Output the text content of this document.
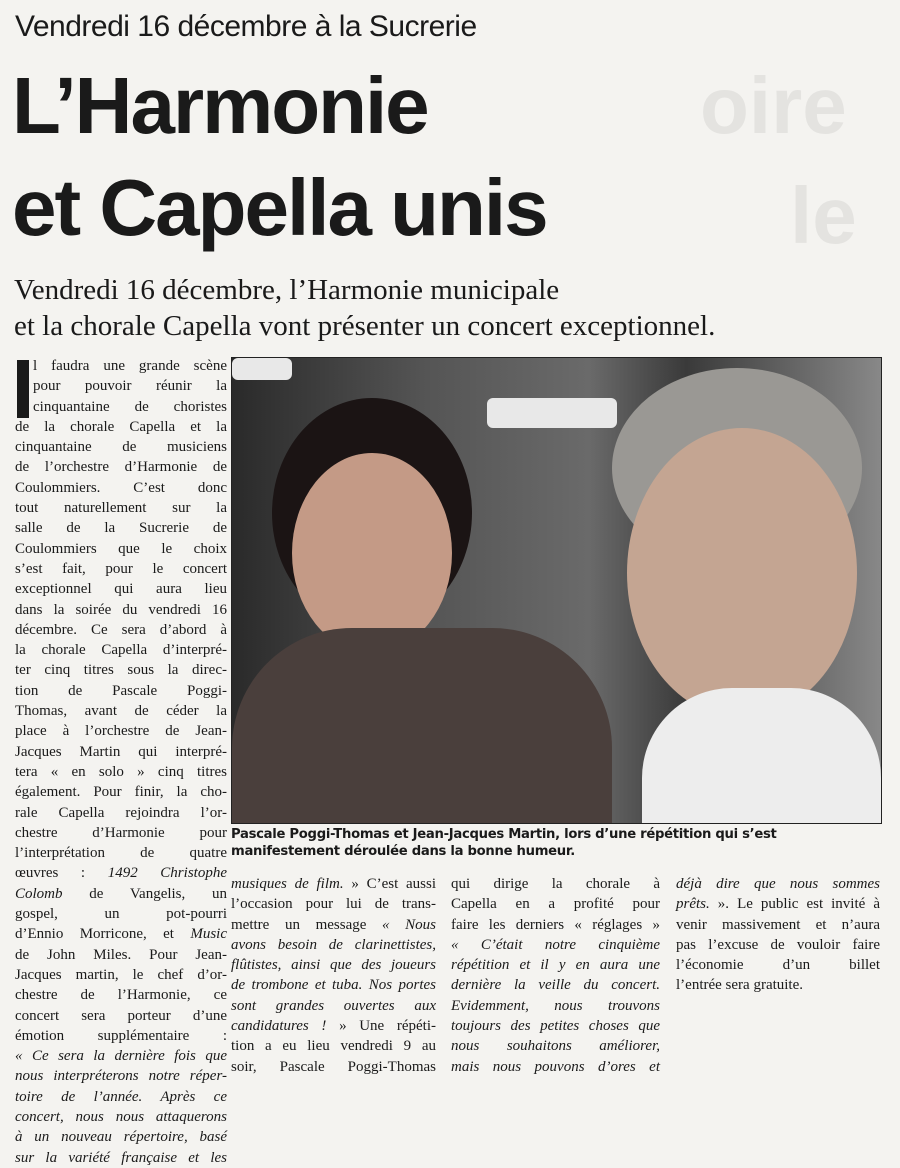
oire
le
Vendredi 16 décembre à la Sucrerie
L’Harmonie
et Capella unis
Vendredi 16 décembre, l’Harmonie municipale
et la chorale Capella vont présenter un concert exceptionnel.
l faudra une grande scène
pour pouvoir réunir la
cinquantaine de choristes
de la chorale Capella et la
cinquantaine de musiciens
de l’orchestre d’Harmonie de
Coulommiers. C’est donc
tout naturellement sur la
salle de la Sucrerie de
Coulommiers que le choix
s’est fait, pour le concert
exceptionnel qui aura lieu
dans la soirée du vendredi 16
décembre. Ce sera d’abord à
la chorale Capella d’interpré-
ter cinq titres sous la direc-
tion de Pascale Poggi-
Thomas, avant de céder la
place à l’orchestre de Jean-
Jacques Martin qui interpré-
tera « en solo » cinq titres
également. Pour finir, la cho-
rale Capella rejoindra l’or-
chestre d’Harmonie pour
l’interprétation de quatre
œuvres : 1492 Christophe
Colomb de Vangelis, un
gospel, un pot-pourri
d’Ennio Morricone, et Music
de John Miles. Pour Jean-
Jacques martin, le chef d’or-
chestre de l’Harmonie, ce
concert sera porteur d’une
émotion supplémentaire :
« Ce sera la dernière fois que
nous interpréterons notre réper-
toire de l’année. Après ce
concert, nous nous attaquerons
à un nouveau répertoire, basé
sur la variété française et les
Pascale Poggi-Thomas et Jean-Jacques Martin, lors d’une répétition qui s’est manifestement déroulée dans la bonne humeur.
musiques de film. » C’est aussi
l’occasion pour lui de trans-
mettre un message « Nous
avons besoin de clarinettistes,
flûtistes, ainsi que des joueurs
de trombone et tuba. Nos portes
sont grandes ouvertes aux
candidatures ! » Une répéti-
tion a eu lieu vendredi 9 au
soir, Pascale Poggi-Thomas
qui dirige la chorale à
Capella en a profité pour
faire les derniers « réglages »
« C’était notre cinquième
répétition et il y en aura une
dernière la veille du concert.
Evidemment, nous trouvons
toujours des petites choses que
nous souhaitons améliorer,
mais nous pouvons d’ores et
déjà dire que nous sommes
prêts. ». Le public est invité à
venir massivement et n’aura
pas l’excuse de vouloir faire
l’économie d’un billet
l’entrée sera gratuite.
